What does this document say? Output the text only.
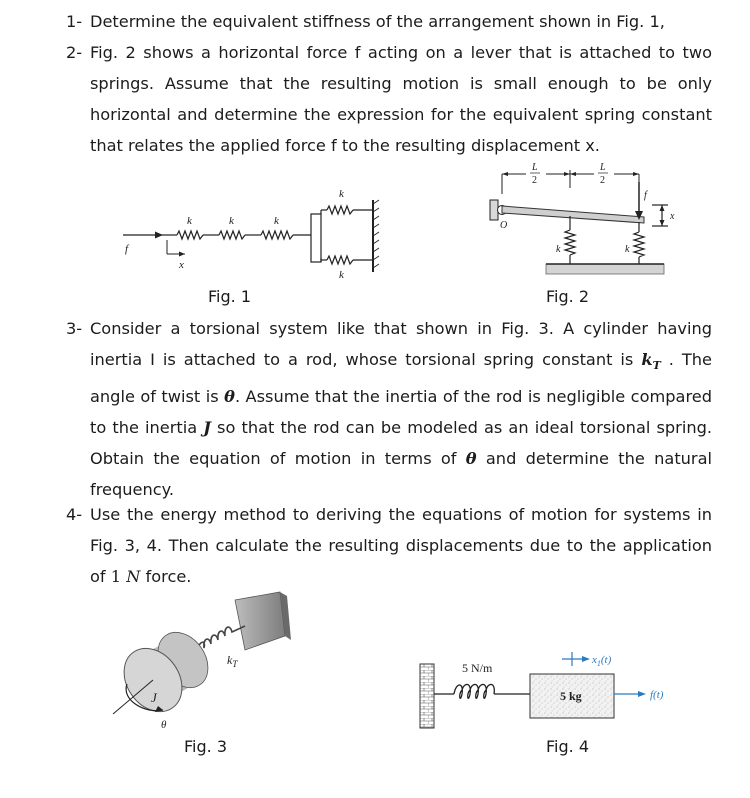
1- Determine the equivalent stiffness of the arrangement shown in Fig. 1,
2- Fig. 2 shows a horizontal force f acting on a lever that is attached to two springs. Assume that the resulting motion is small enough to be only horizontal and determine the expression for the equivalent spring constant that relates the applied force f to the resulting displacement x.
f
x
k	k	k
k
k
L
2
L
2
f
x
O
k	k
Fig. 1	Fig. 2
3- Consider a torsional system like that shown in Fig. 3. A cylinder having inertia I is attached to a rod, whose torsional spring constant is $k_T$ . The angle of twist is θ. Assume that the inertia of the rod is negligible compared to the inertia J so that the rod can be modeled as an ideal torsional spring. Obtain the equation of motion in terms of θ and determine the natural frequency.
4- Use the energy method to deriving the equations of motion for systems in Fig. 3, 4. Then calculate the resulting displacements due to the application of 1 N force.
J
$k_T$
θ
Fig. 3
5 N/m
5 kg
$x_1(t)$
f(t)
Fig. 4
